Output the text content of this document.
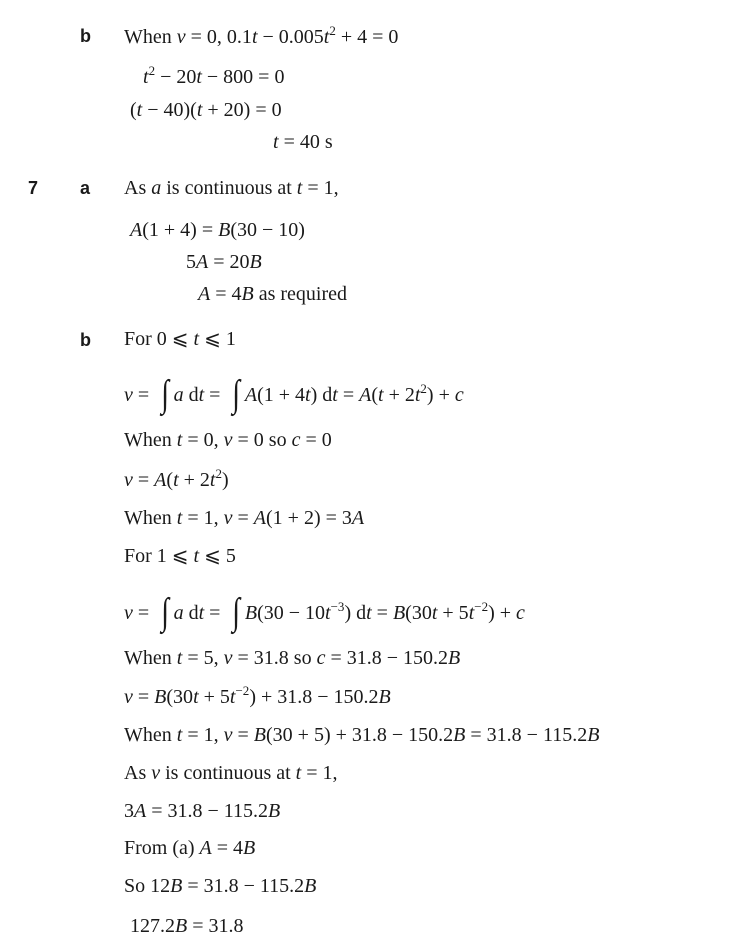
b When v = 0, $0.1t - 0.005t^2 + 4 = 0$
$t^2 - 20t - 800 = 0$
(t − 40)(t + 20) = 0
t = 40 s
7 a As a is continuous at t = 1,
A(1 + 4) = B(30 − 10)
5A = 20B
A = 4B as required
b For 0 ⩽ t ⩽ 1
v = ∫ a dt = ∫ A(1 + 4t) dt = $A(t + 2t^2) + c$
When t = 0, v = 0 so c = 0
$v = A(t + 2t^2)$
When t = 1, v = A(1 + 2) = 3A
For 1 ⩽ t ⩽ 5
v = ∫ a dt = ∫ $B(30 - 10t^{-3})$ dt = $B(30t + 5t^{-2}) + c$
When t = 5, v = 31.8 so c = 31.8 − 150.2B
$v = B(30t + 5t^{-2}) + 31.8 - 150.2B$
When t = 1, v = B(30 + 5) + 31.8 − 150.2B = 31.8 − 115.2B
As v is continuous at t = 1,
3A = 31.8 − 115.2B
From (a) A = 4B
So 12B = 31.8 − 115.2B
127.2B = 31.8
